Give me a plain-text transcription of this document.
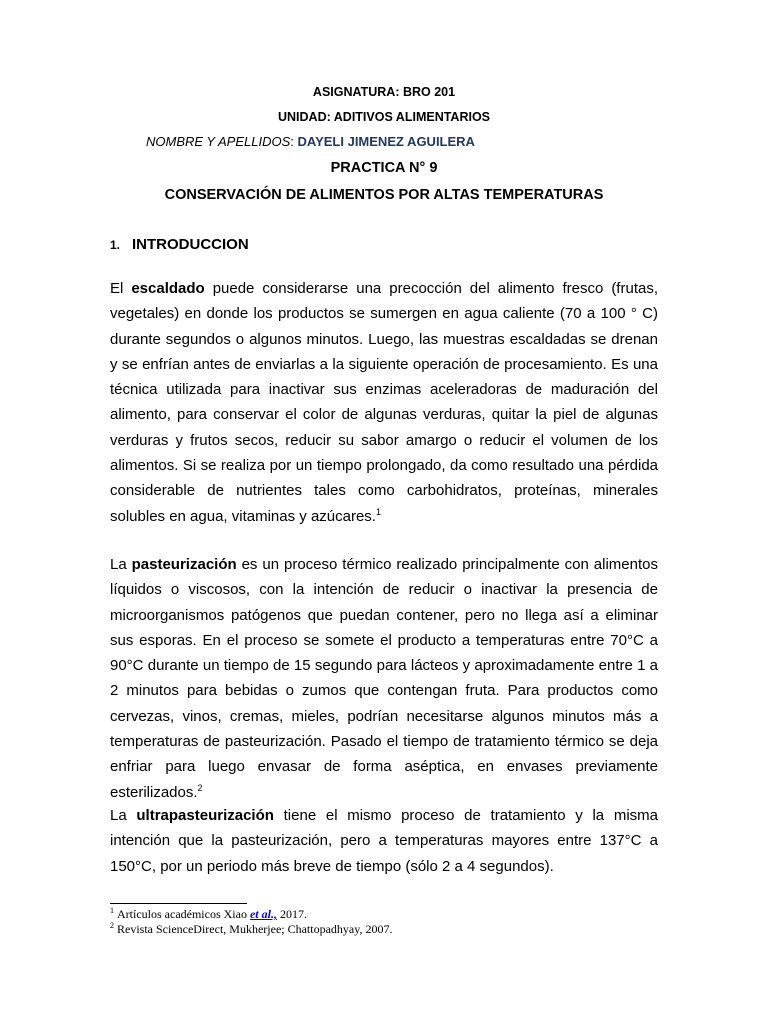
ASIGNATURA: BRO 201
UNIDAD: ADITIVOS ALIMENTARIOS
NOMBRE Y APELLIDOS: DAYELI JIMENEZ AGUILERA
PRACTICA N° 9
CONSERVACIÓN DE ALIMENTOS POR ALTAS TEMPERATURAS
1. INTRODUCCION

El escaldado puede considerarse una precocción del alimento fresco (frutas, vegetales) en donde los productos se sumergen en agua caliente (70 a 100 ° C) durante segundos o algunos minutos. Luego, las muestras escaldadas se drenan y se enfrían antes de enviarlas a la siguiente operación de procesamiento. Es una técnica utilizada para inactivar sus enzimas aceleradoras de maduración del alimento, para conservar el color de algunas verduras, quitar la piel de algunas verduras y frutos secos, reducir su sabor amargo o reducir el volumen de los alimentos. Si se realiza por un tiempo prolongado, da como resultado una pérdida considerable de nutrientes tales como carbohidratos, proteínas, minerales solubles en agua, vitaminas y azúcares.$^1$

La pasteurización es un proceso térmico realizado principalmente con alimentos líquidos o viscosos, con la intención de reducir o inactivar la presencia de microorganismos patógenos que puedan contener, pero no llega así a eliminar sus esporas. En el proceso se somete el producto a temperaturas entre 70°C a 90°C durante un tiempo de 15 segundo para lácteos y aproximadamente entre 1 a 2 minutos para bebidas o zumos que contengan fruta. Para productos como cervezas, vinos, cremas, mieles, podrían necesitarse algunos minutos más a temperaturas de pasteurización. Pasado el tiempo de tratamiento térmico se deja enfriar para luego envasar de forma aséptica, en envases previamente esterilizados.$^2$

La ultrapasteurización tiene el mismo proceso de tratamiento y la misma intención que la pasteurización, pero a temperaturas mayores entre 137°C a 150°C, por un periodo más breve de tiempo (sólo 2 a 4 segundos).

$^1$ Artículos académicos Xiao et al., 2017.
$^2$ Revista ScienceDirect, Mukherjee; Chattopadhyay, 2007.
